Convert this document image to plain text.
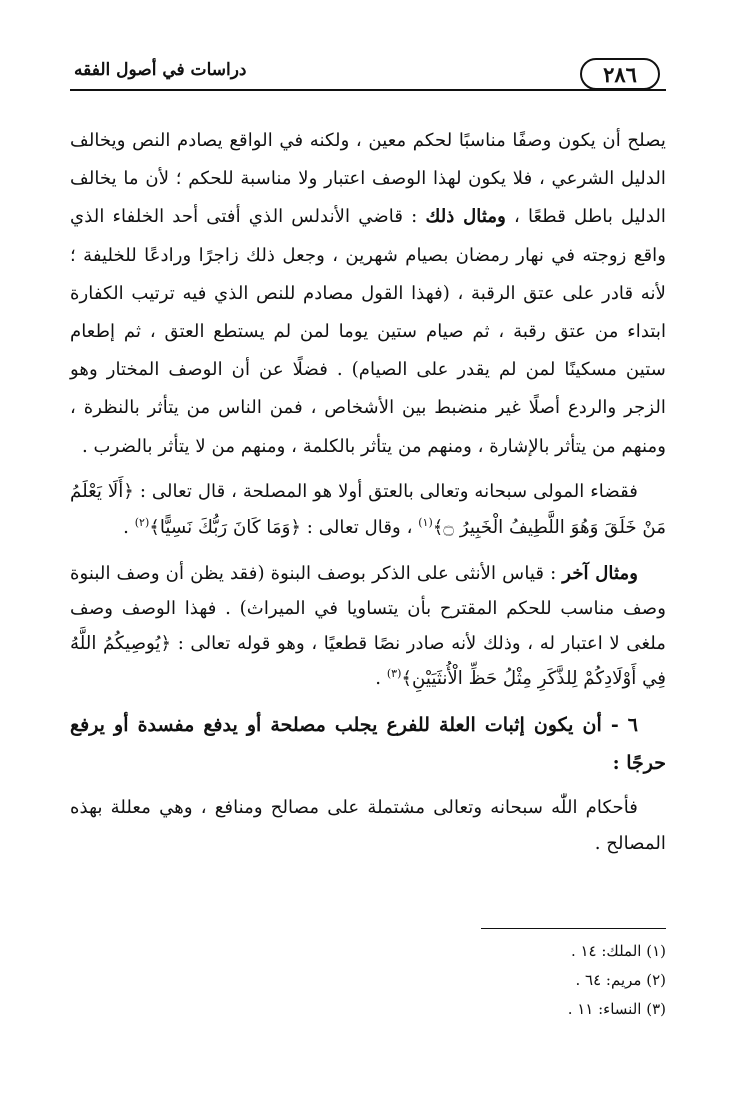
٢٨٦
دراسات في أصول الفقه

يصلح أن يكون وصفًا مناسبًا لحكم معين ، ولكنه في الواقع يصادم النص ويخالف الدليل الشرعي ، فلا يكون لهذا الوصف اعتبار ولا مناسبة للحكم ؛ لأن ما يخالف الدليل باطل قطعًا ، ومثال ذلك : قاضي الأندلس الذي أفتى أحد الخلفاء الذي واقع زوجته في نهار رمضان بصيام شهرين ، وجعل ذلك زاجرًا ورادعًا للخليفة ؛ لأنه قادر على عتق الرقبة ، (فهذا القول مصادم للنص الذي فيه ترتيب الكفارة ابتداء من عتق رقبة ، ثم صيام ستين يوما لمن لم يستطع العتق ، ثم إطعام ستين مسكينًا لمن لم يقدر على الصيام) . فضلًا عن أن الوصف المختار وهو الزجر والردع أصلًا غير منضبط بين الأشخاص ، فمن الناس من يتأثر بالنظرة ، ومنهم من يتأثر بالإشارة ، ومنهم من يتأثر بالكلمة ، ومنهم من لا يتأثر بالضرب .

فقضاء المولى سبحانه وتعالى بالعتق أولا هو المصلحة ، قال تعالى : ﴿أَلَا يَعْلَمُ مَنْ خَلَقَ وَهُوَ اللَّطِيفُ الْخَبِيرُ ۝﴾$^{(١)}$ ، وقال تعالى : ﴿وَمَا كَانَ رَبُّكَ نَسِيًّا﴾$^{(٢)}$ .

ومثال آخر : قياس الأنثى على الذكر بوصف البنوة (فقد يظن أن وصف البنوة وصف مناسب للحكم المقترح بأن يتساويا في الميراث) . فهذا الوصف وصف ملغى لا اعتبار له ، وذلك لأنه صادر نصًا قطعيًا ، وهو قوله تعالى : ﴿يُوصِيكُمُ اللَّهُ فِي أَوْلَادِكُمْ لِلذَّكَرِ مِثْلُ حَظِّ الْأُنثَيَيْنِ﴾$^{(٣)}$ .

٦ - أن يكون إثبات العلة للفرع يجلب مصلحة أو يدفع مفسدة أو يرفع حرجًا :

فأحكام اللّٰه سبحانه وتعالى مشتملة على مصالح ومنافع ، وهي معللة بهذه المصالح .

(١) الملك: ١٤ .

(٢) مريم: ٦٤ .

(٣) النساء: ١١ .
